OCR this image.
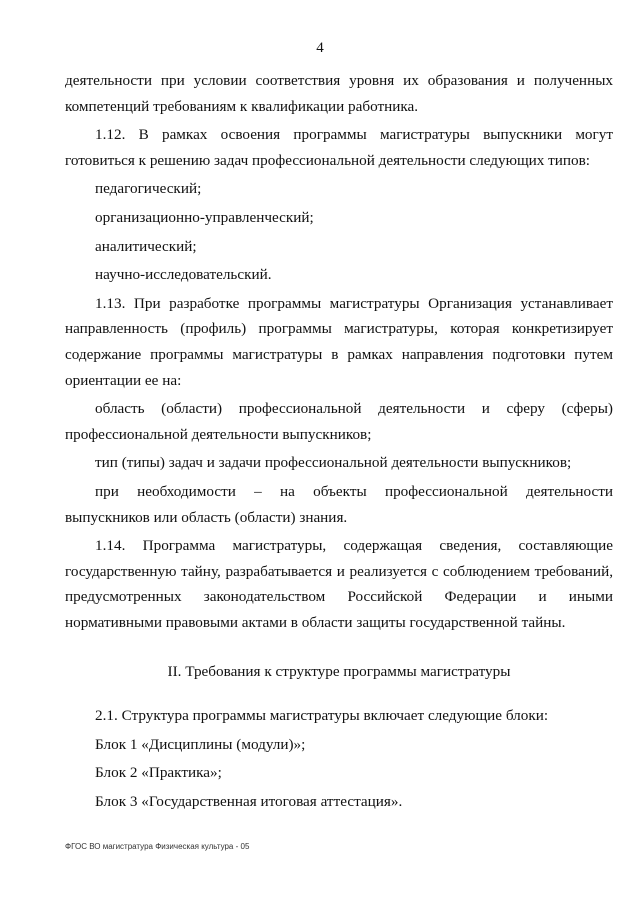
4

деятельности при условии соответствия уровня их образования и полученных компетенций требованиям к квалификации работника.

1.12. В рамках освоения программы магистратуры выпускники могут готовиться к решению задач профессиональной деятельности следующих типов:

педагогический;

организационно-управленческий;

аналитический;

научно-исследовательский.

1.13. При разработке программы магистратуры Организация устанавливает направленность (профиль) программы магистратуры, которая конкретизирует содержание программы магистратуры в рамках направления подготовки путем ориентации ее на:

область (области) профессиональной деятельности и сферу (сферы) профессиональной деятельности выпускников;

тип (типы) задач и задачи профессиональной деятельности выпускников;

при необходимости – на объекты профессиональной деятельности выпускников или область (области) знания.

1.14. Программа магистратуры, содержащая сведения, составляющие государственную тайну, разрабатывается и реализуется с соблюдением требований, предусмотренных законодательством Российской Федерации и иными нормативными правовыми актами в области защиты государственной тайны.

II. Требования к структуре программы магистратуры

2.1. Структура программы магистратуры включает следующие блоки:

Блок 1 «Дисциплины (модули)»;

Блок 2 «Практика»;

Блок 3 «Государственная итоговая аттестация».

ФГОС ВО магистратура Физическая культура - 05
